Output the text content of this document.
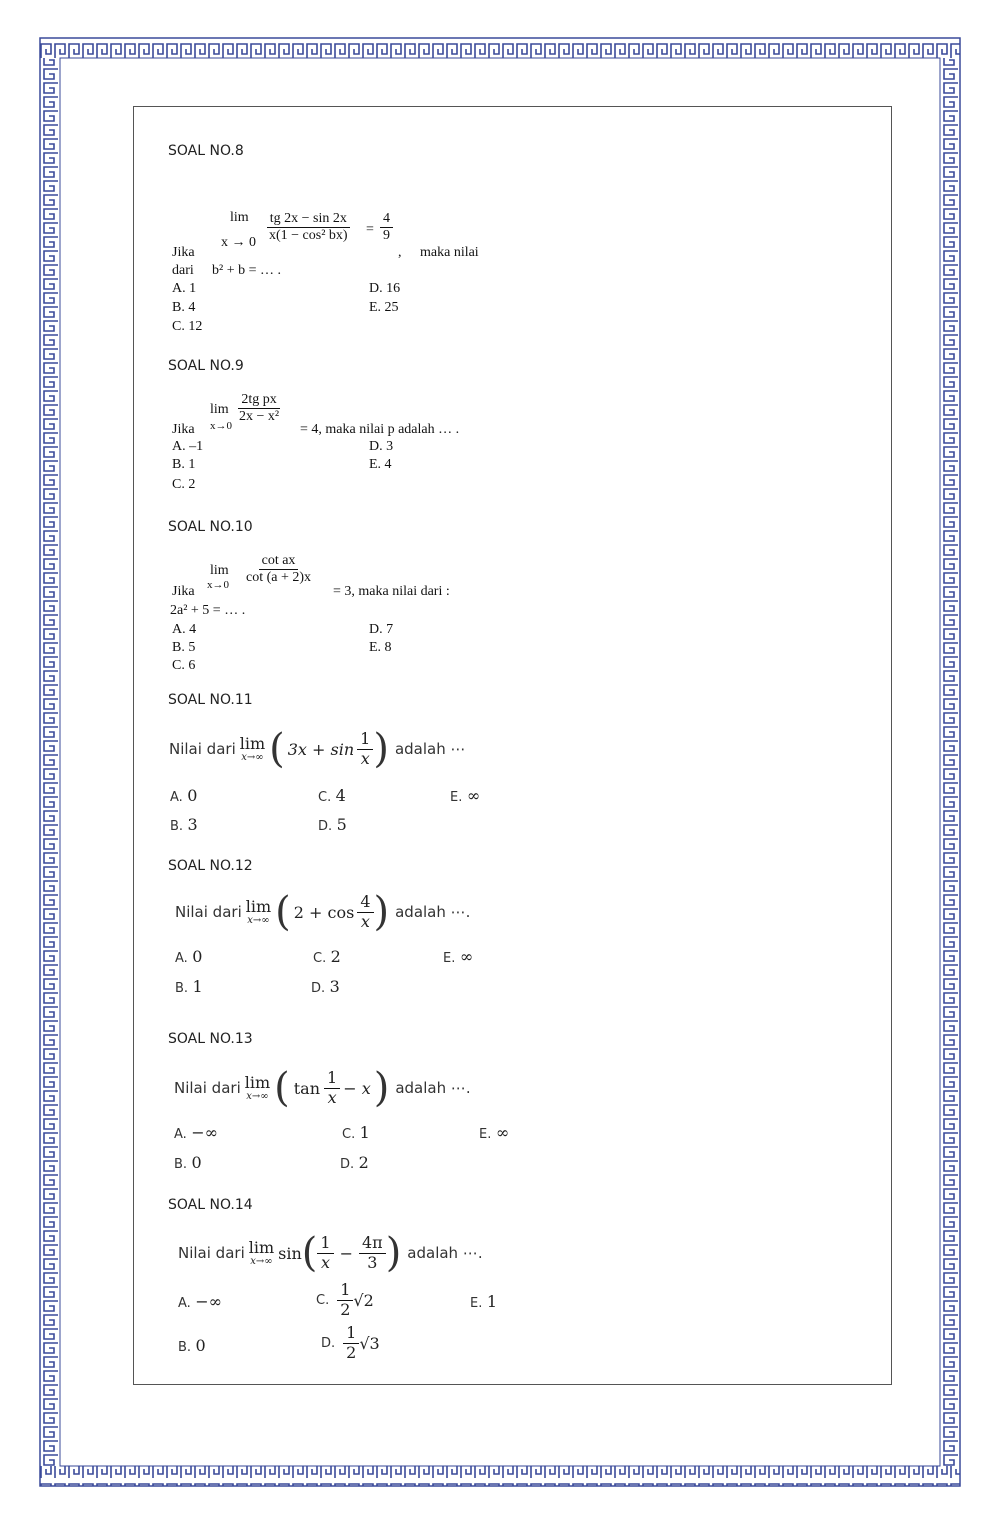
SOAL NO.8
lim
$x \to 0 \frac{tg 2x - \sin 2x}{\text{x(1 − cos² bx)}} = \frac{4}{9}$
Jika	, maka nilai
dari b² + b = … .
A. 1
B. 4
C. 12
D. 16
E. 25
SOAL NO.9
lim
x→0
$\frac{\text{2tg px}}{\text{2x − x²}}$
Jika	= 4, maka nilai p adalah … .
A. –1
B. 1
C. 2
D. 3
E. 4
SOAL NO.10
lim
$x\to 0 \frac{\text{cot ax}}{\cot (a + 2)x}$
Jika	= 3, maka nilai dari :
2a² + 5 = … .
A. 4
B. 5
C. 6
D. 7
E. 8
SOAL NO.11
Nilai dari lim
x→∞ ( $3x + \sin \frac{1}{x}$ ) adalah ⋯
A. 0
B. 3
C. 4
D. 5
E. ∞
SOAL NO.12
Nilai dari lim
x→∞ ( $2 + \cos \frac{4}{x}$ ) adalah ⋯.
A. 0
B. 1
C. 2
D. 3
E. ∞
SOAL NO.13
Nilai dari lim
x→∞ ( $\tan \frac{1}{x} - x$ ) adalah ⋯.
A. −∞
B. 0
C. 1
D. 2
E. ∞
SOAL NO.14
Nilai dari lim
x→∞ sin ( $\frac{1}{x} - \frac{4\pi}{3}$ ) adalah ⋯.
A. −∞
B. 0
C. $\frac{1}{2} √2$
D. $\frac{1}{2} √3$
E. 1
